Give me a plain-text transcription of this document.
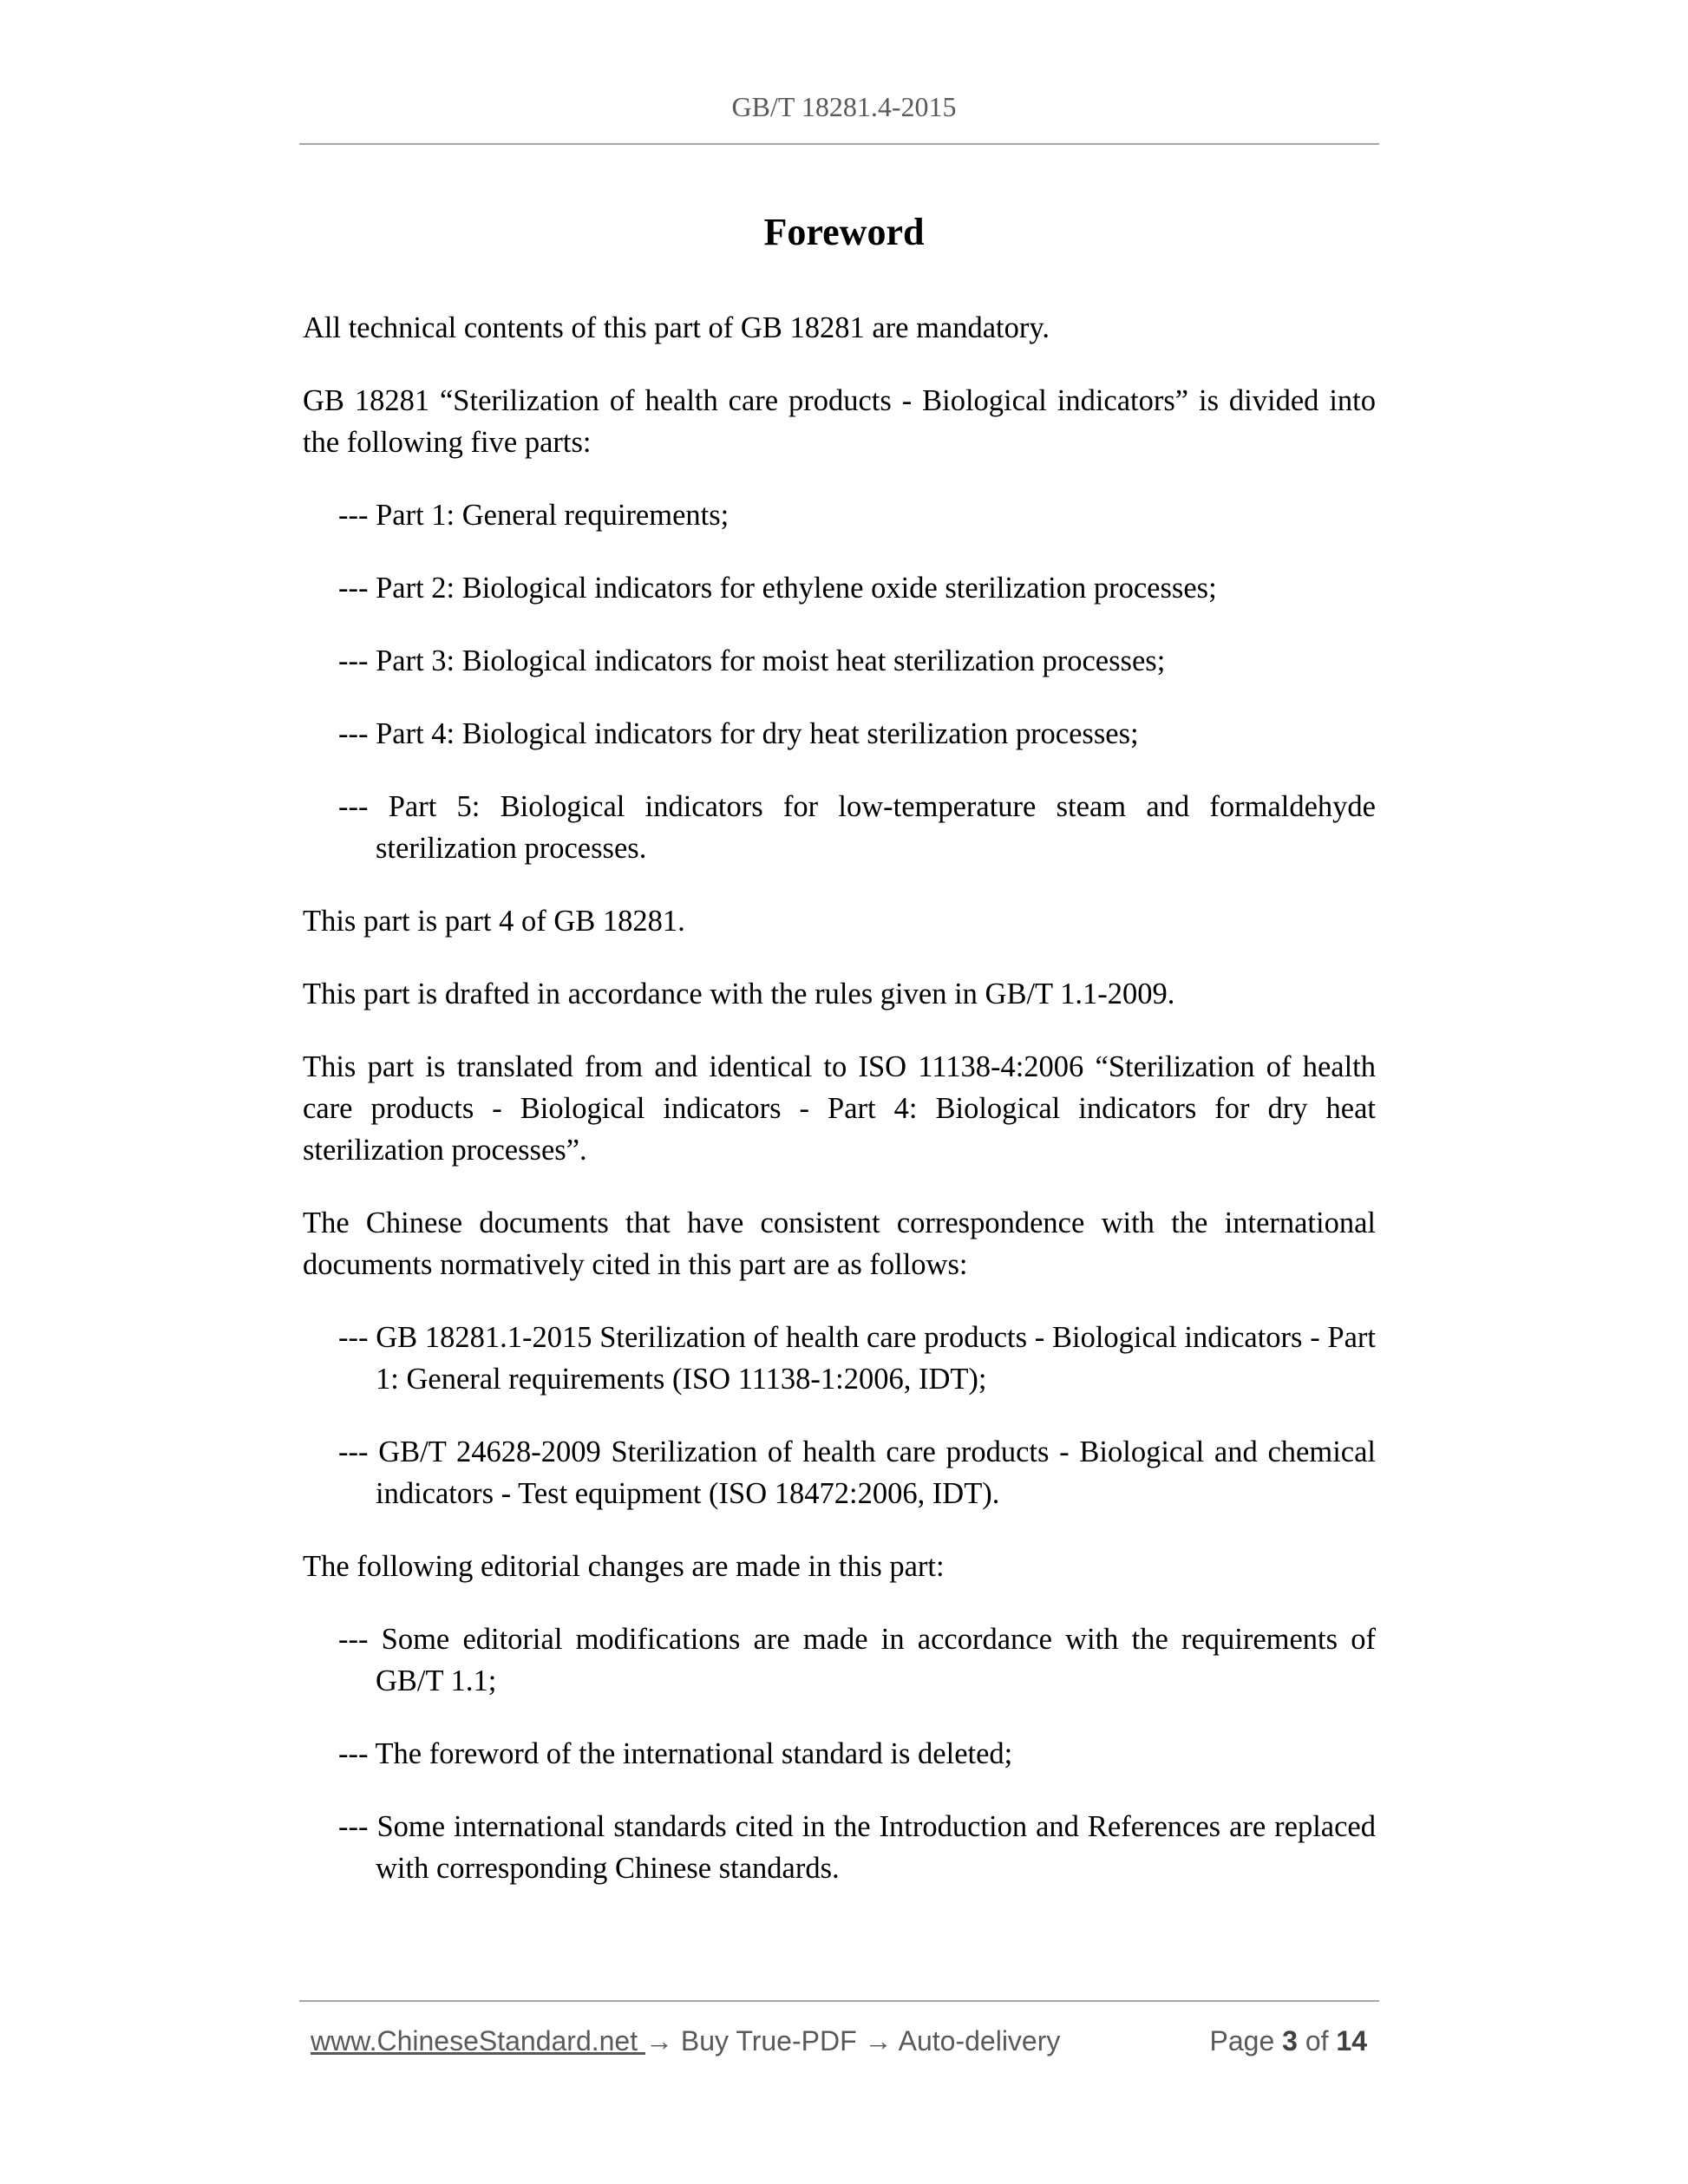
GB/T 18281.4-2015
Foreword

All technical contents of this part of GB 18281 are mandatory.

GB 18281 “Sterilization of health care products - Biological indicators” is divided into the following five parts:

--- Part 1: General requirements;

--- Part 2: Biological indicators for ethylene oxide sterilization processes;

--- Part 3: Biological indicators for moist heat sterilization processes;

--- Part 4: Biological indicators for dry heat sterilization processes;

--- Part 5: Biological indicators for low-temperature steam and formaldehyde sterilization processes.

This part is part 4 of GB 18281.

This part is drafted in accordance with the rules given in GB/T 1.1-2009.

This part is translated from and identical to ISO 11138-4:2006 “Sterilization of health care products - Biological indicators - Part 4: Biological indicators for dry heat sterilization processes”.

The Chinese documents that have consistent correspondence with the international documents normatively cited in this part are as follows:

--- GB 18281.1-2015 Sterilization of health care products - Biological indicators - Part 1: General requirements (ISO 11138-1:2006, IDT);

--- GB/T 24628-2009 Sterilization of health care products - Biological and chemical indicators - Test equipment (ISO 18472:2006, IDT).

The following editorial changes are made in this part:

--- Some editorial modifications are made in accordance with the requirements of GB/T 1.1;

--- The foreword of the international standard is deleted;

--- Some international standards cited in the Introduction and References are replaced with corresponding Chinese standards.

www.ChineseStandard.net → Buy True-PDF → Auto-delivery	Page 3 of 14
